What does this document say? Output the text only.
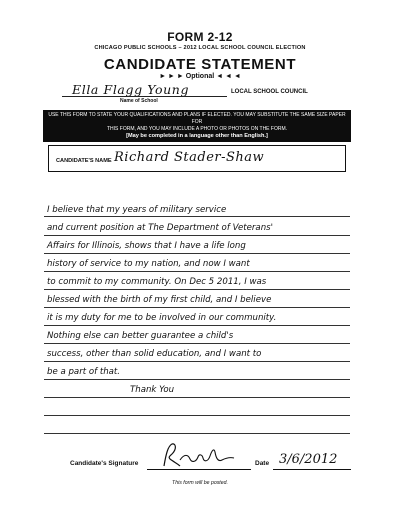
FORM 2-12
CHICAGO PUBLIC SCHOOLS – 2012 LOCAL SCHOOL COUNCIL ELECTION
CANDIDATE STATEMENT
► ► ► Optional ◄ ◄ ◄
Ella Flagg Young
Name of School
LOCAL SCHOOL COUNCIL
USE THIS FORM TO STATE YOUR QUALIFICATIONS AND PLANS IF ELECTED. YOU MAY SUBSTITUTE THE SAME SIZE PAPER FOR
THIS FORM, AND YOU MAY INCLUDE A PHOTO OR PHOTOS ON THE FORM.
[May be completed in a language other than English.]
CANDIDATE'S NAME Richard Stader-Shaw
I believe that my years of military service
and current position at The Department of Veterans'
Affairs for Illinois, shows that I have a life long
history of service to my nation, and now I want
to commit to my community. On Dec 5 2011, I was
blessed with the birth of my first child, and I believe
it is my duty for me to be involved in our community.
Nothing else can better guarantee a child's
success, other than solid education, and I want to
be a part of that.
Thank You
Candidate's Signature	Date 3/6/2012
This form will be posted.
